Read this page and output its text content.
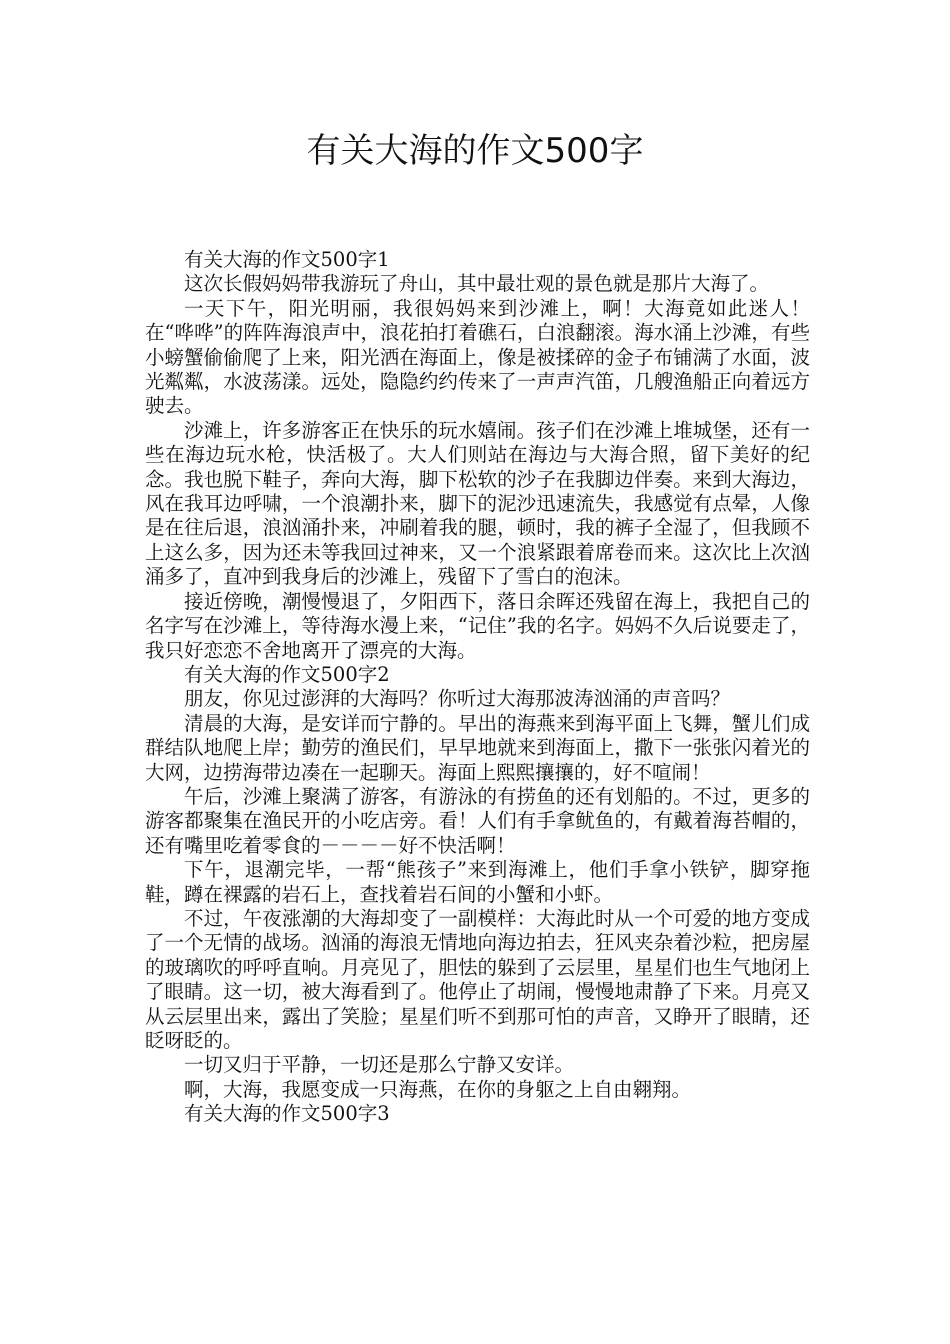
有关大海的作文500字

有关大海的作文500字1

这次长假妈妈带我游玩了舟山，其中最壮观的景色就是那片大海了。

一天下午，阳光明丽，我很妈妈来到沙滩上，啊！大海竟如此迷人！在“哗哗”的阵阵海浪声中，浪花拍打着礁石，白浪翻滚。海水涌上沙滩，有些小螃蟹偷偷爬了上来，阳光洒在海面上，像是被揉碎的金子布铺满了水面，波光粼粼，水波荡漾。远处，隐隐约约传来了一声声汽笛，几艘渔船正向着远方驶去。

沙滩上，许多游客正在快乐的玩水嬉闹。孩子们在沙滩上堆城堡，还有一些在海边玩水枪，快活极了。大人们则站在海边与大海合照，留下美好的纪念。我也脱下鞋子，奔向大海，脚下松软的沙子在我脚边伴奏。来到大海边，风在我耳边呼啸，一个浪潮扑来，脚下的泥沙迅速流失，我感觉有点晕，人像是在往后退，浪汹涌扑来，冲刷着我的腿，顿时，我的裤子全湿了，但我顾不上这么多，因为还未等我回过神来，又一个浪紧跟着席卷而来。这次比上次汹涌多了，直冲到我身后的沙滩上，残留下了雪白的泡沫。

接近傍晚，潮慢慢退了，夕阳西下，落日余晖还残留在海上，我把自己的名字写在沙滩上，等待海水漫上来，“记住”我的名字。妈妈不久后说要走了，我只好恋恋不舍地离开了漂亮的大海。

有关大海的作文500字2

朋友，你见过澎湃的大海吗？你听过大海那波涛汹涌的声音吗？

清晨的大海，是安详而宁静的。早出的海燕来到海平面上飞舞，蟹儿们成群结队地爬上岸；勤劳的渔民们，早早地就来到海面上，撒下一张张闪着光的大网，边捞海带边凑在一起聊天。海面上熙熙攘攘的，好不喧闹！

午后，沙滩上聚满了游客，有游泳的有捞鱼的还有划船的。不过，更多的游客都聚集在渔民开的小吃店旁。看！人们有手拿鱿鱼的，有戴着海苔帽的，还有嘴里吃着零食的－－－－好不快活啊！

下午，退潮完毕，一帮“熊孩子”来到海滩上，他们手拿小铁铲，脚穿拖鞋，蹲在裸露的岩石上，查找着岩石间的小蟹和小虾。

不过，午夜涨潮的大海却变了一副模样：大海此时从一个可爱的地方变成了一个无情的战场。汹涌的海浪无情地向海边拍去，狂风夹杂着沙粒，把房屋的玻璃吹的呼呼直响。月亮见了，胆怯的躲到了云层里，星星们也生气地闭上了眼睛。这一切，被大海看到了。他停止了胡闹，慢慢地肃静了下来。月亮又从云层里出来，露出了笑脸；星星们听不到那可怕的声音，又睁开了眼睛，还眨呀眨的。

一切又归于平静，一切还是那么宁静又安详。

啊，大海，我愿变成一只海燕，在你的身躯之上自由翱翔。

有关大海的作文500字3
